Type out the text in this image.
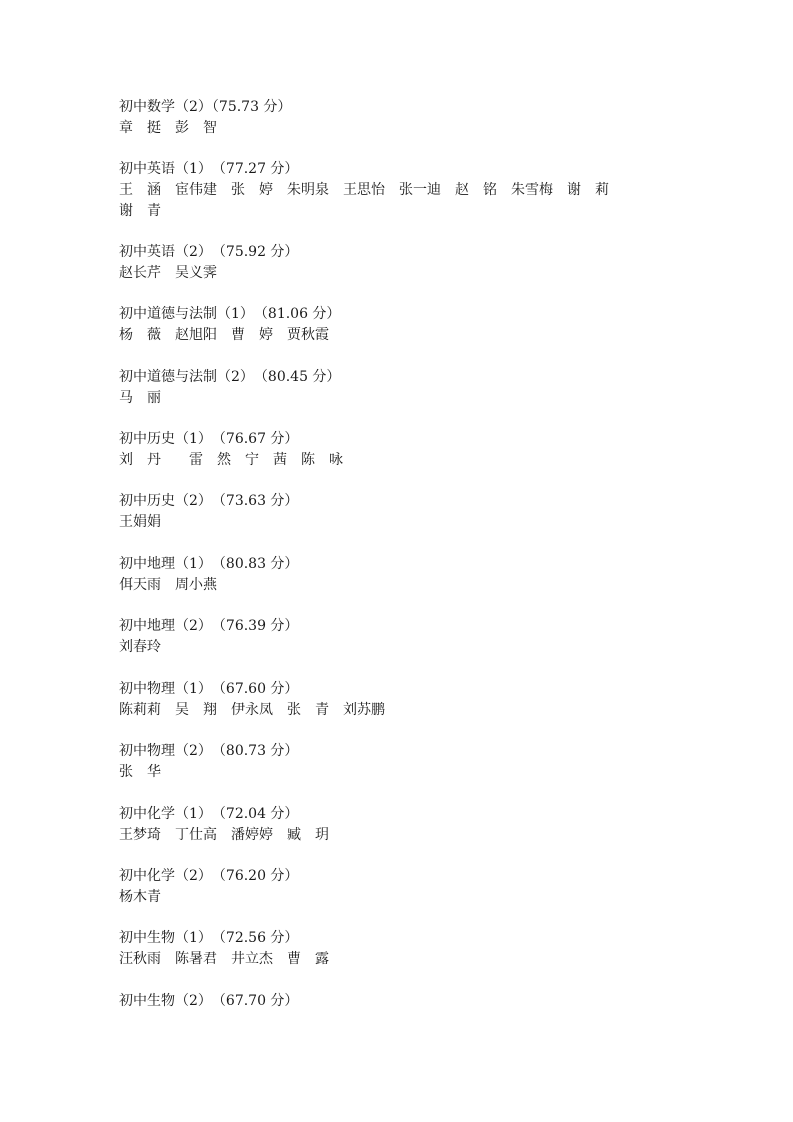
初中数学（2）（75.73 分）
章　挺　彭　智
初中英语（1）　（77.27 分）
王　涵　宦伟建　张　婷　朱明泉　王思怡　张一迪　赵　铭　朱雪梅　谢　莉
谢　青
初中英语（2）　（75.92 分）
赵长芹　吴义霁
初中道德与法制（1）　（81.06 分）
杨　薇　赵旭阳　曹　婷　贾秋霞
初中道德与法制（2）　（80.45 分）
马　丽
初中历史（1）　（76.67 分）
刘　丹　　雷　然　宁　茜　陈　咏
初中历史（2）　（73.63 分）
王娟娟
初中地理（1）　（80.83 分）
佴天雨　周小燕
初中地理（2）　（76.39 分）
刘春玲
初中物理（1）　（67.60 分）
陈莉莉　吴　翔　伊永凤　张　青　刘苏鹏
初中物理（2）　（80.73 分）
张　华
初中化学（1）　（72.04 分）
王梦琦　丁仕高　潘婷婷　臧　玥
初中化学（2）　（76.20 分）
杨木青
初中生物（1）　（72.56 分）
汪秋雨　陈暑君　井立杰　曹　露
初中生物（2）　（67.70 分）
